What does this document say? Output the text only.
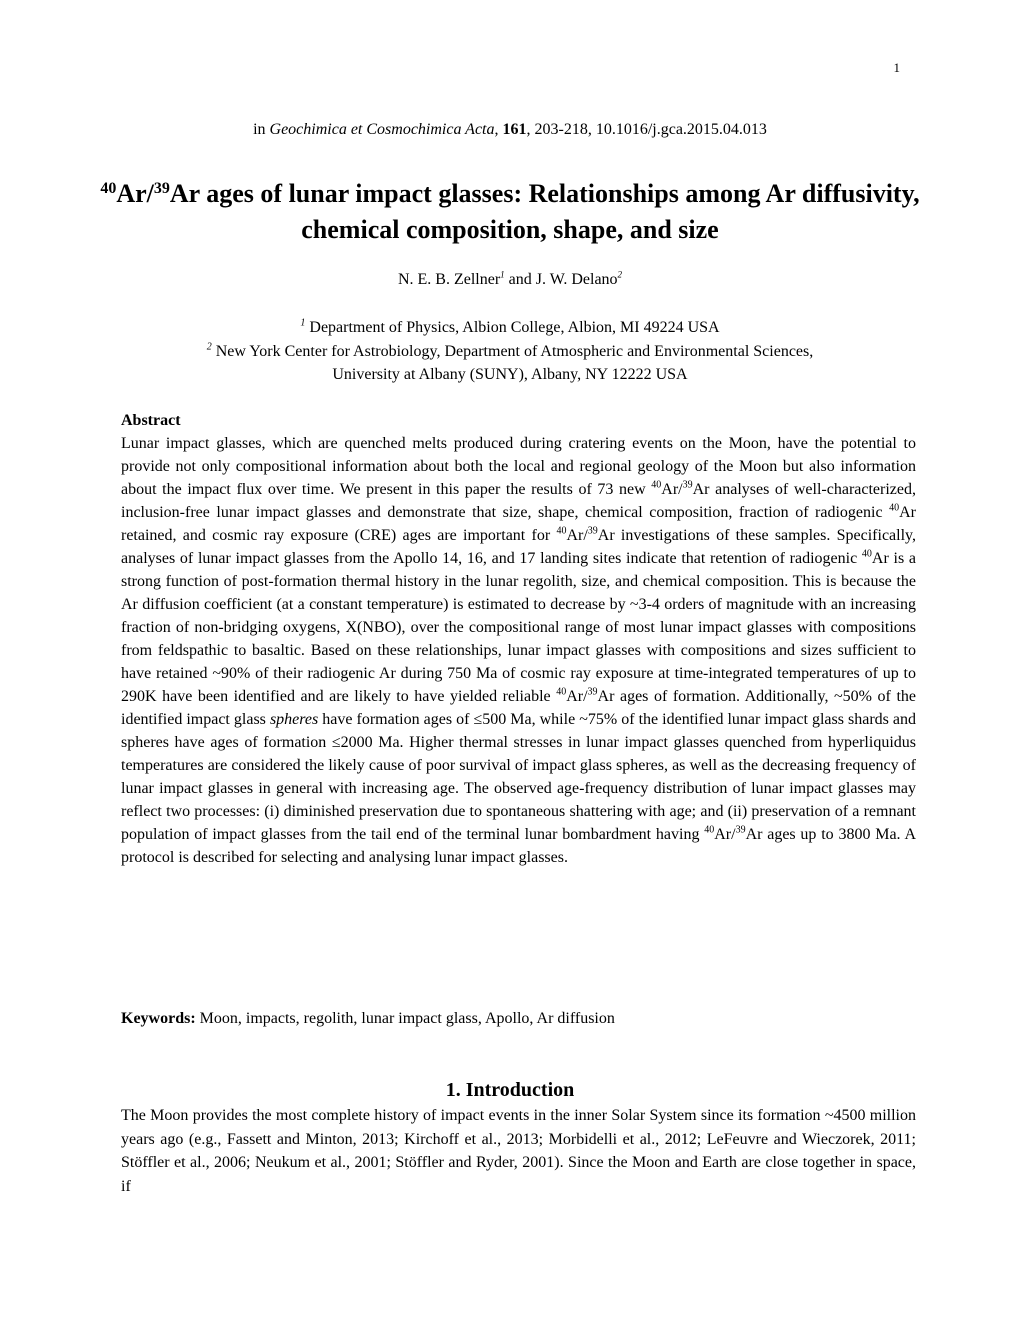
1
in Geochimica et Cosmochimica Acta, 161, 203-218, 10.1016/j.gca.2015.04.013
$^{40}$Ar/$^{39}$Ar ages of lunar impact glasses: Relationships among Ar diffusivity, chemical composition, shape, and size
N. E. B. Zellner$^1$ and J. W. Delano$^2$
$^1$ Department of Physics, Albion College, Albion, MI 49224 USA
$^2$ New York Center for Astrobiology, Department of Atmospheric and Environmental Sciences,
University at Albany (SUNY), Albany, NY 12222 USA

Abstract

Lunar impact glasses, which are quenched melts produced during cratering events on the Moon, have the potential to provide not only compositional information about both the local and regional geology of the Moon but also information about the impact flux over time. We present in this paper the results of 73 new $^{40}$Ar/$^{39}$Ar analyses of well-characterized, inclusion-free lunar impact glasses and demonstrate that size, shape, chemical composition, fraction of radiogenic $^{40}$Ar retained, and cosmic ray exposure (CRE) ages are important for $^{40}$Ar/$^{39}$Ar investigations of these samples. Specifically, analyses of lunar impact glasses from the Apollo 14, 16, and 17 landing sites indicate that retention of radiogenic $^{40}$Ar is a strong function of post-formation thermal history in the lunar regolith, size, and chemical composition. This is because the Ar diffusion coefficient (at a constant temperature) is estimated to decrease by ~3-4 orders of magnitude with an increasing fraction of non-bridging oxygens, X(NBO), over the compositional range of most lunar impact glasses with compositions from feldspathic to basaltic. Based on these relationships, lunar impact glasses with compositions and sizes sufficient to have retained ~90% of their radiogenic Ar during 750 Ma of cosmic ray exposure at time-integrated temperatures of up to 290K have been identified and are likely to have yielded reliable $^{40}$Ar/$^{39}$Ar ages of formation. Additionally, ~50% of the identified impact glass spheres have formation ages of ≤500 Ma, while ~75% of the identified lunar impact glass shards and spheres have ages of formation ≤2000 Ma. Higher thermal stresses in lunar impact glasses quenched from hyperliquidus temperatures are considered the likely cause of poor survival of impact glass spheres, as well as the decreasing frequency of lunar impact glasses in general with increasing age. The observed age-frequency distribution of lunar impact glasses may reflect two processes: (i) diminished preservation due to spontaneous shattering with age; and (ii) preservation of a remnant population of impact glasses from the tail end of the terminal lunar bombardment having $^{40}$Ar/$^{39}$Ar ages up to 3800 Ma. A protocol is described for selecting and analysing lunar impact glasses.

Keywords: Moon, impacts, regolith, lunar impact glass, Apollo, Ar diffusion
1. Introduction

The Moon provides the most complete history of impact events in the inner Solar System since its formation ~4500 million years ago (e.g., Fassett and Minton, 2013; Kirchoff et al., 2013; Morbidelli et al., 2012; LeFeuvre and Wieczorek, 2011; Stöffler et al., 2006; Neukum et al., 2001; Stöffler and Ryder, 2001). Since the Moon and Earth are close together in space, if
